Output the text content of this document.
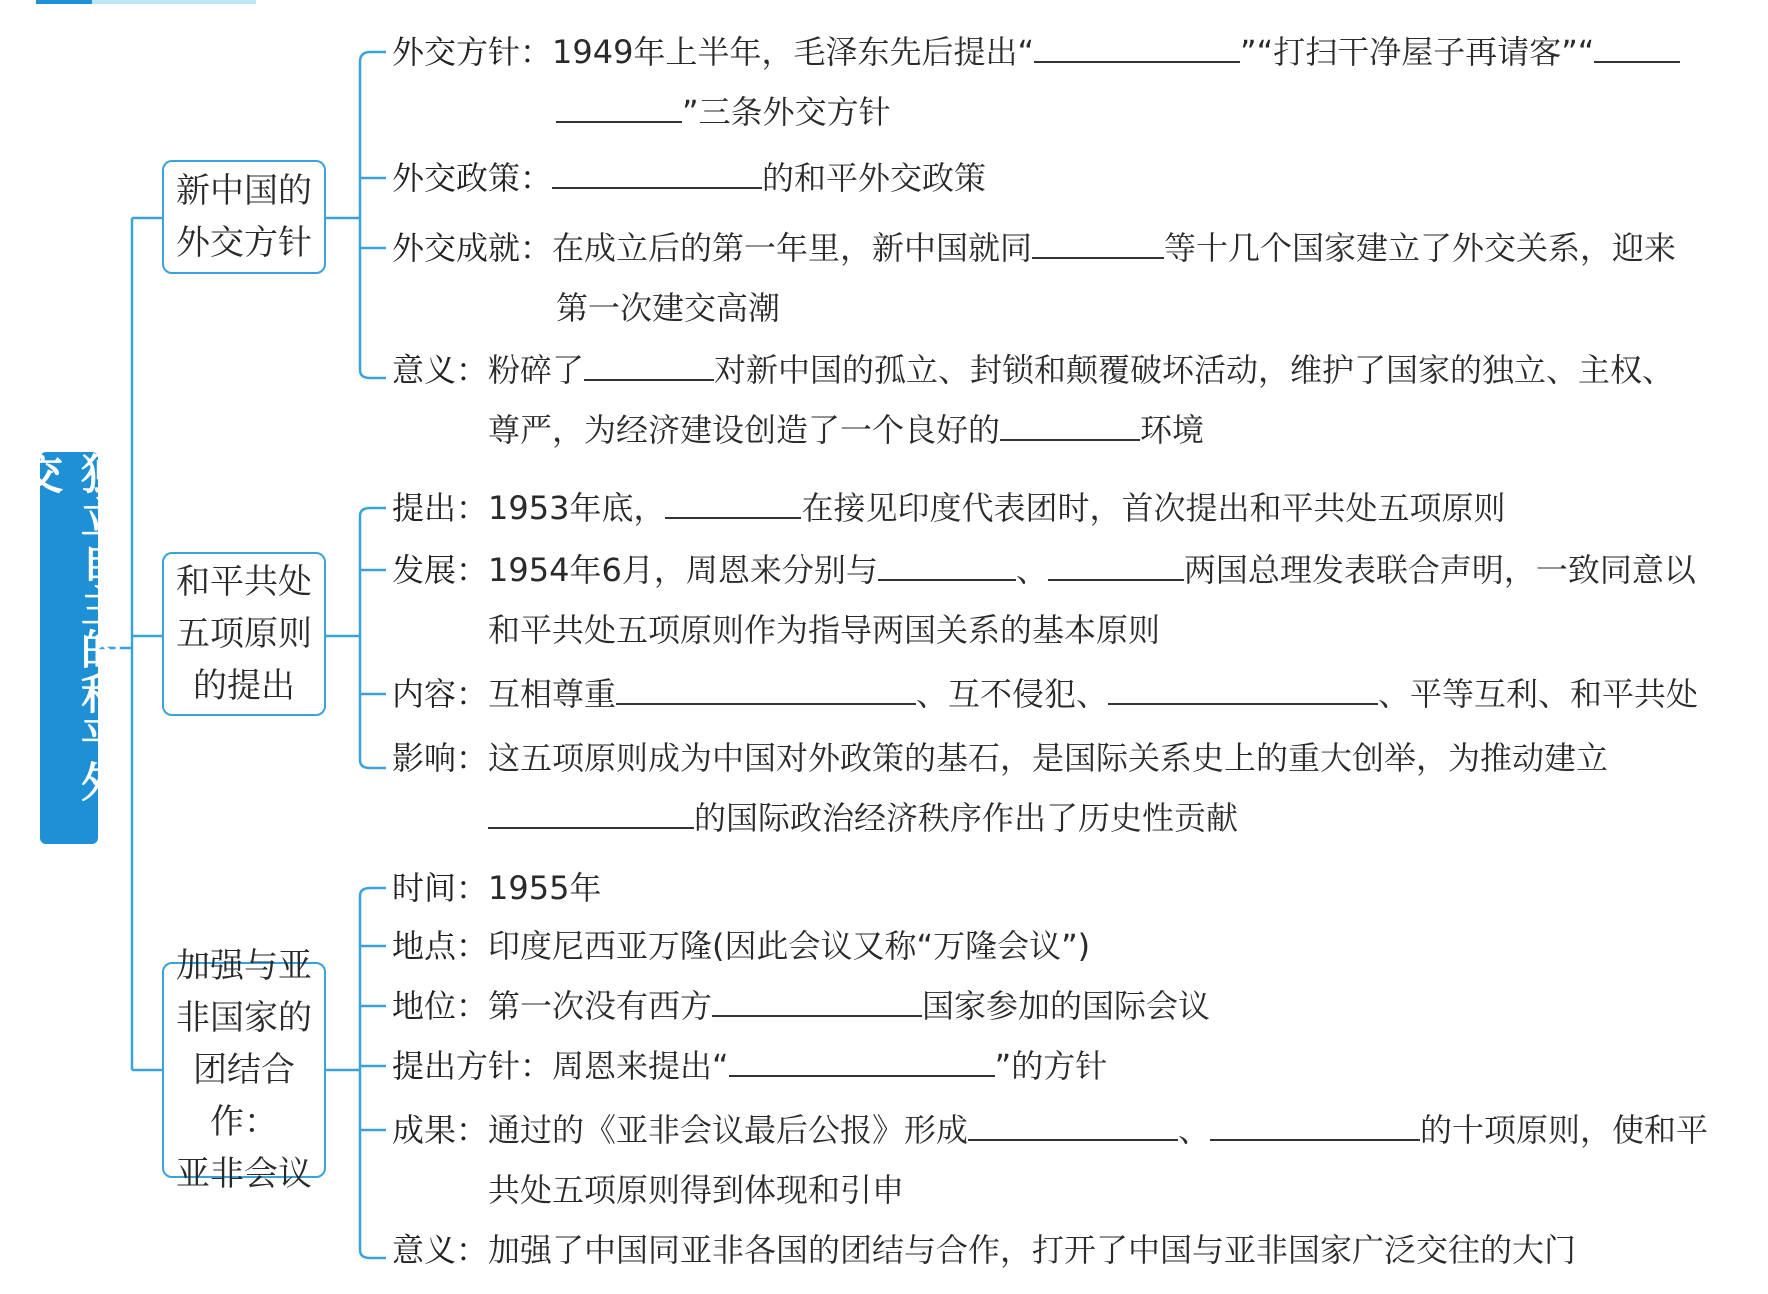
独立自主的和平外交
新中国的
外交方针
和平共处
五项原则
的提出
加强与亚
非国家的
团结合作：
亚非会议
外交方针：1949年上半年，毛泽东先后提出“	”“打扫干净屋子再请客”“
”三条外交方针
外交政策：	的和平外交政策
外交成就：在成立后的第一年里，新中国就同	等十几个国家建立了外交关系，迎来
第一次建交高潮
意义：粉碎了	对新中国的孤立、封锁和颠覆破坏活动，维护了国家的独立、主权、
尊严，为经济建设创造了一个良好的	环境
提出：1953年底，	在接见印度代表团时，首次提出和平共处五项原则
发展：1954年6月，周恩来分别与	、	两国总理发表联合声明，一致同意以
和平共处五项原则作为指导两国关系的基本原则
内容：互相尊重	、互不侵犯、	、平等互利、和平共处
影响：这五项原则成为中国对外政策的基石，是国际关系史上的重大创举，为推动建立
的国际政治经济秩序作出了历史性贡献
时间：1955年
地点：印度尼西亚万隆(因此会议又称“万隆会议”)
地位：第一次没有西方	国家参加的国际会议
提出方针：周恩来提出“	”的方针
成果：通过的《亚非会议最后公报》形成	、	的十项原则，使和平
共处五项原则得到体现和引申
意义：加强了中国同亚非各国的团结与合作，打开了中国与亚非国家广泛交往的大门
